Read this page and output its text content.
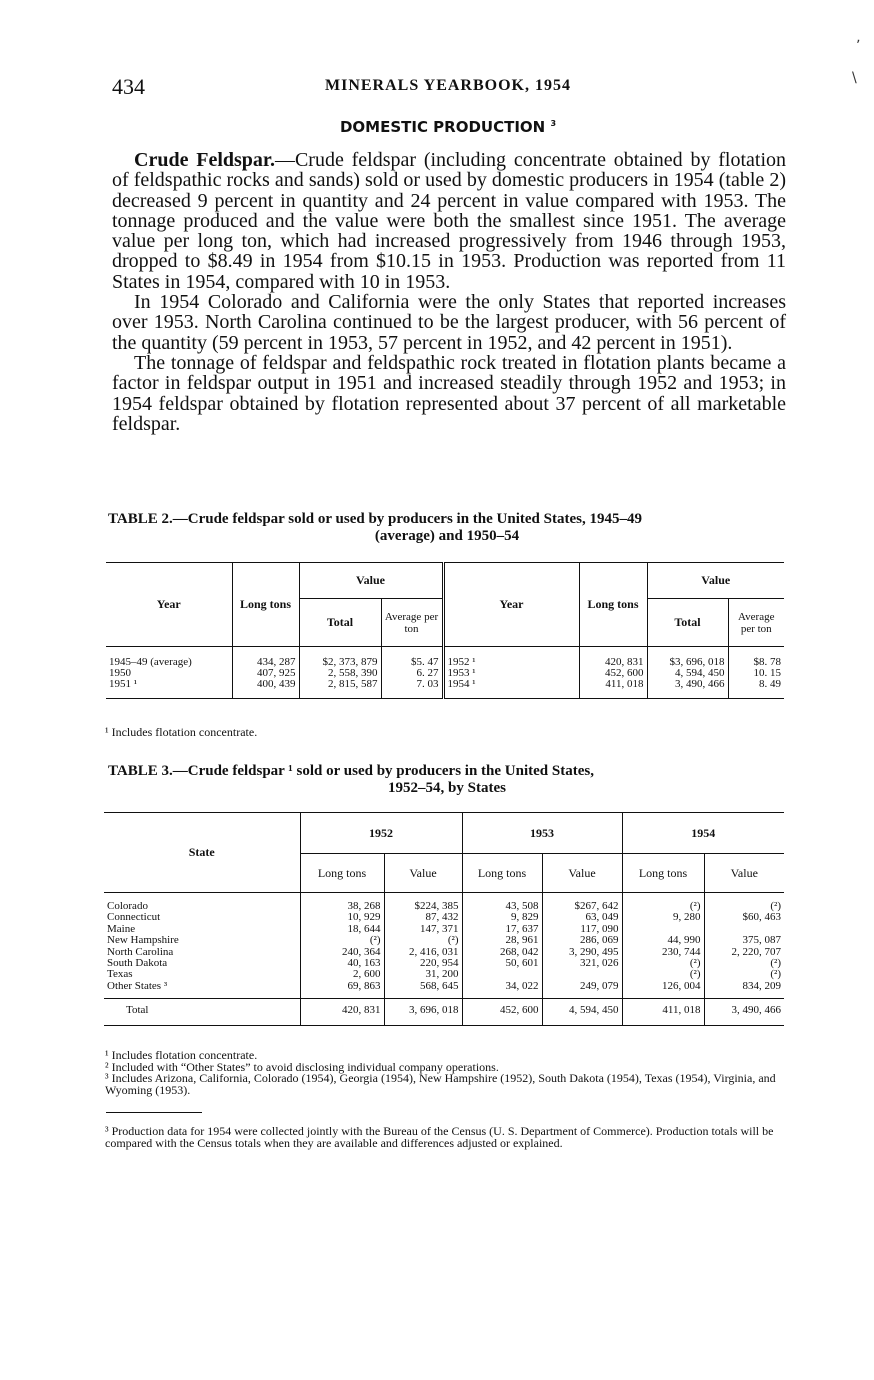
434	MINERALS YEARBOOK, 1954
DOMESTIC PRODUCTION $^3$

Crude Feldspar.—Crude feldspar (including concentrate obtained by flotation of feldspathic rocks and sands) sold or used by domestic producers in 1954 (table 2) decreased 9 percent in quantity and 24 percent in value compared with 1953. The tonnage produced and the value were both the smallest since 1951. The average value per long ton, which had increased progressively from 1946 through 1953, dropped to $8.49 in 1954 from $10.15 in 1953. Production was reported from 11 States in 1954, compared with 10 in 1953.

In 1954 Colorado and California were the only States that reported increases over 1953. North Carolina continued to be the largest producer, with 56 percent of the quantity (59 percent in 1953, 57 percent in 1952, and 42 percent in 1951).

The tonnage of feldspar and feldspathic rock treated in flotation plants became a factor in feldspar output in 1951 and increased steadily through 1952 and 1953; in 1954 feldspar obtained by flotation represented about 37 percent of all marketable feldspar.

TABLE 2.—Crude feldspar sold or used by producers in the United States, 1945–49
(average) and 1950–54
Year	Long tons	Value		Year	Long tons	Value	
		Total	Average per ton			Total	Average per ton
1945–49 (average)	434, 287	$2, 373, 879	$5. 47	1952 ¹	420, 831	$3, 696, 018	$8. 78
1950	407, 925	2, 558, 390	6. 27	1953 ¹	452, 600	4, 594, 450	10. 15
1951 ¹	400, 439	2, 815, 587	7. 03	1954 ¹	411, 018	3, 490, 466	8. 49
¹ Includes flotation concentrate.
TABLE 3.—Crude feldspar ¹ sold or used by producers in the United States,
1952–54, by States
State	1952		1953		1954	
	Long tons	Value	Long tons	Value	Long tons	Value
Colorado	38, 268	$224, 385	43, 508	$267, 642	(²)	(²)
Connecticut	10, 929	87, 432	9, 829	63, 049	9, 280	$60, 463
Maine	18, 644	147, 371	17, 637	117, 090		
New Hampshire	(²)	(²)	28, 961	286, 069	44, 990	375, 087
North Carolina	240, 364	2, 416, 031	268, 042	3, 290, 495	230, 744	2, 220, 707
South Dakota	40, 163	220, 954	50, 601	321, 026	(²)	(²)
Texas	2, 600	31, 200			(²)	(²)
Other States ³	69, 863	568, 645	34, 022	249, 079	126, 004	834, 209
Total	420, 831	3, 696, 018	452, 600	4, 594, 450	411, 018	3, 490, 466
¹ Includes flotation concentrate.
² Included with “Other States” to avoid disclosing individual company operations.
³ Includes Arizona, California, Colorado (1954), Georgia (1954), New Hampshire (1952), South Dakota (1954), Texas (1954), Virginia, and Wyoming (1953).
³ Production data for 1954 were collected jointly with the Bureau of the Census (U. S. Department of Commerce). Production totals will be compared with the Census totals when they are available and differences adjusted or explained.
ʼ
\
